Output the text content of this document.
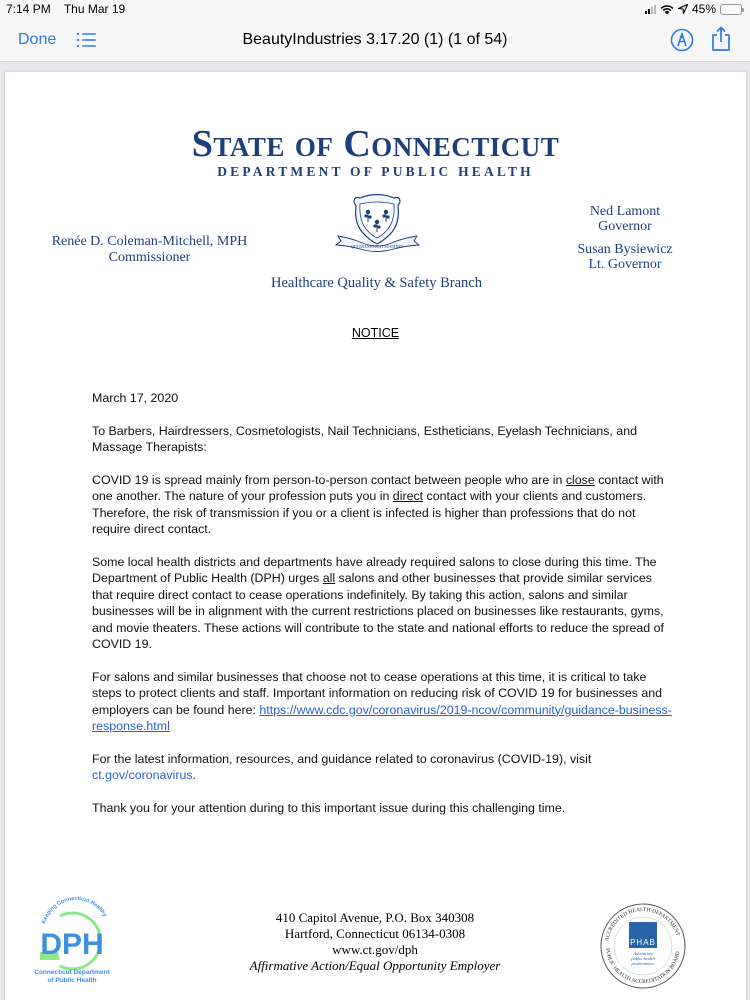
7:14 PM Thu Mar 19	45%
Done	BeautyIndustries 3.17.20 (1) (1 of 54)
State of Connecticut
DEPARTMENT OF PUBLIC HEALTH
QUI TRANSTULIT SUSTINET
Renée D. Coleman-Mitchell, MPH
Commissioner
Ned Lamont
Governor
Susan Bysiewicz
Lt. Governor
Healthcare Quality & Safety Branch
NOTICE

March 17, 2020

To Barbers, Hairdressers, Cosmetologists, Nail Technicians, Estheticians, Eyelash Technicians, and Massage Therapists:

COVID 19 is spread mainly from person-to-person contact between people who are in close contact with one another. The nature of your profession puts you in direct contact with your clients and customers. Therefore, the risk of transmission if you or a client is infected is higher than professions that do not require direct contact.

Some local health districts and departments have already required salons to close during this time. The Department of Public Health (DPH) urges all salons and other businesses that provide similar services that require direct contact to cease operations indefinitely. By taking this action, salons and similar businesses will be in alignment with the current restrictions placed on businesses like restaurants, gyms, and movie theaters. These actions will contribute to the state and national efforts to reduce the spread of COVID 19.

For salons and similar businesses that choose not to cease operations at this time, it is critical to take steps to protect clients and staff. Important information on reducing risk of COVID 19 for businesses and employers can be found here: https://www.cdc.gov/coronavirus/2019-ncov/community/guidance-business-response.html

For the latest information, resources, and guidance related to coronavirus (COVID-19), visit ct.gov/coronavirus.

Thank you for your attention during to this important issue during this challenging time.

Keeping Connecticut Healthy
DPH
Connecticut Department
of Public Health
410 Capitol Avenue, P.O. Box 340308
Hartford, Connecticut 06134-0308
www.ct.gov/dph
Affirmative Action/Equal Opportunity Employer
ACCREDITED HEALTH DEPARTMENT
PUBLIC HEALTH ACCREDITATION BOARD
PHAB
Advancing
public health
performance
